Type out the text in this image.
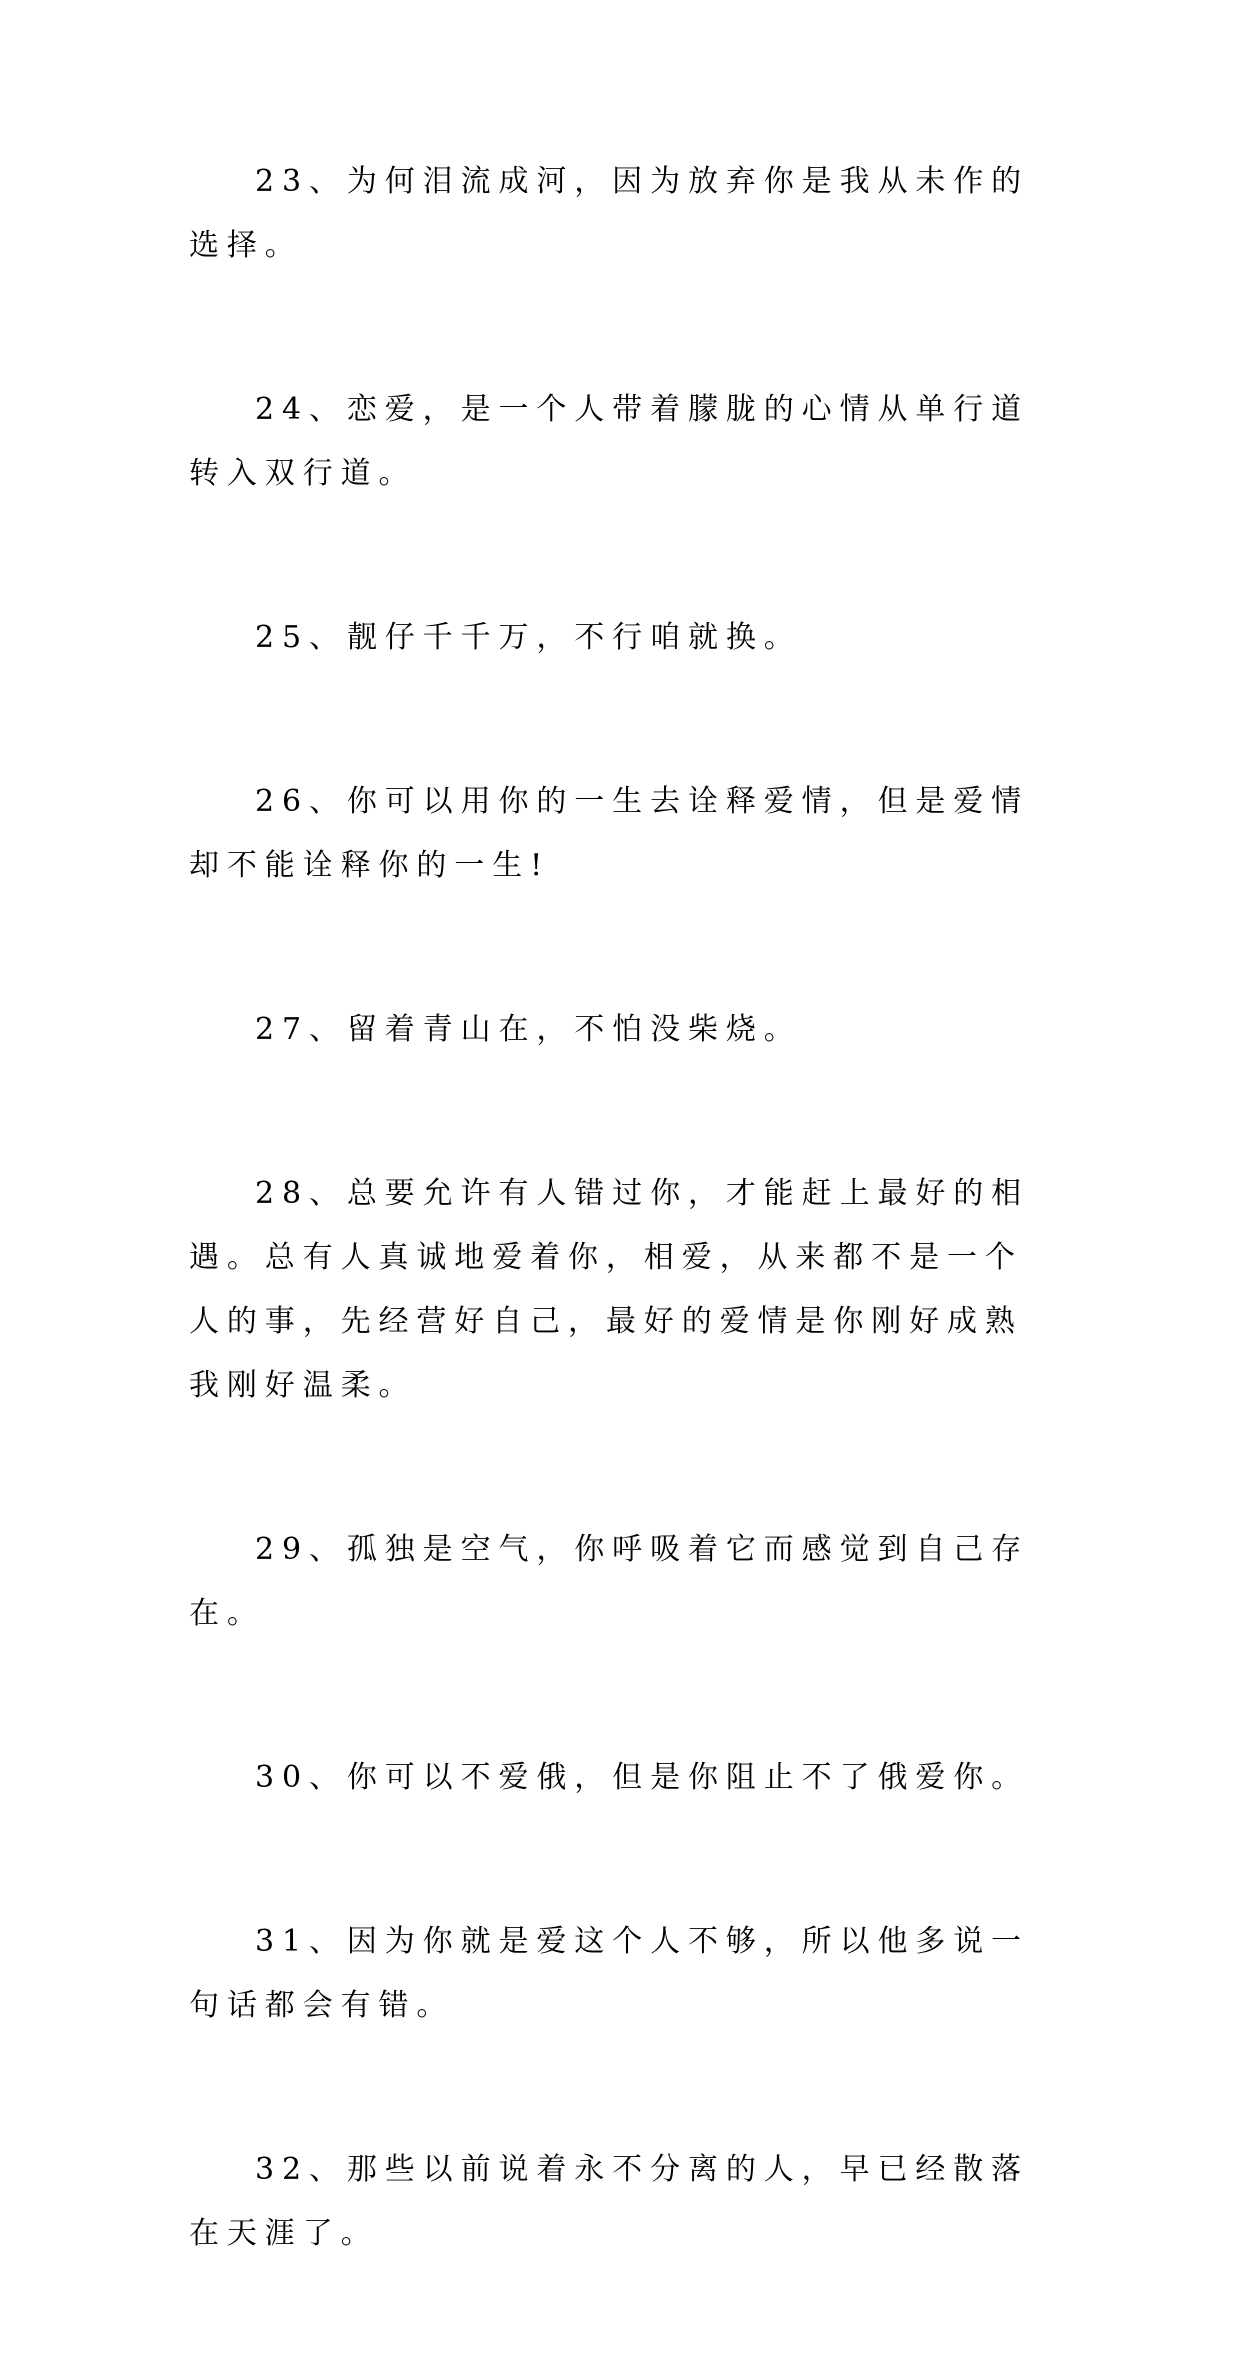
23、为何泪流成河，因为放弃你是我从未作的选择。

24、恋爱，是一个人带着朦胧的心情从单行道转入双行道。

25、靓仔千千万，不行咱就换。

26、你可以用你的一生去诠释爱情，但是爱情却不能诠释你的一生!

27、留着青山在，不怕没柴烧。

28、总要允许有人错过你，才能赶上最好的相遇。总有人真诚地爱着你，相爱，从来都不是一个人的事，先经营好自己，最好的爱情是你刚好成熟我刚好温柔。

29、孤独是空气，你呼吸着它而感觉到自己存在。

30、你可以不爱俄，但是你阻止不了俄爱你。

31、因为你就是爱这个人不够，所以他多说一句话都会有错。

32、那些以前说着永不分离的人，早已经散落在天涯了。
